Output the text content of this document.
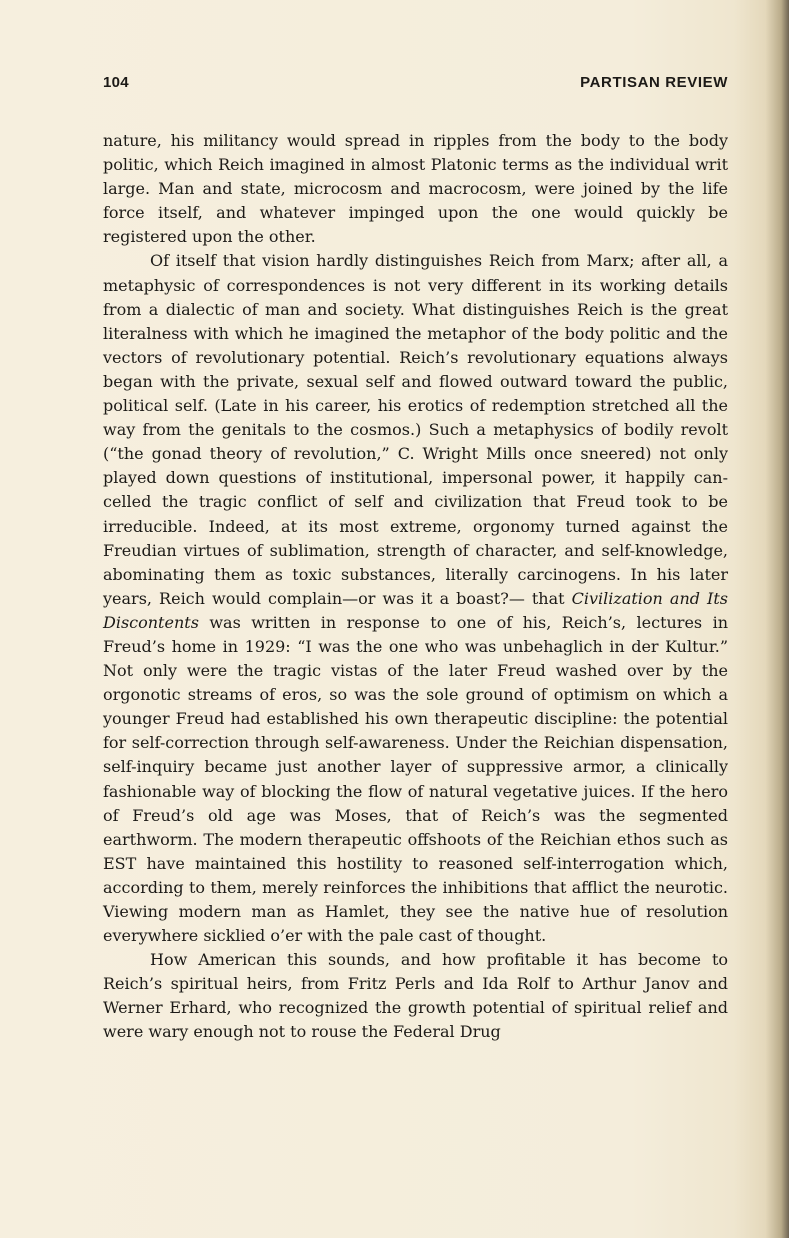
104	PARTISAN REVIEW

nature, his militancy would spread in ripples from the body to the body politic, which Reich imagined in almost Platonic terms as the individual writ large. Man and state, microcosm and macrocosm, were joined by the life force itself, and whatever impinged upon the one would quickly be registered upon the other.

Of itself that vision hardly distinguishes Reich from Marx; after all, a metaphysic of correspondences is not very different in its working details from a dialectic of man and society. What distinguishes Reich is the great literalness with which he imagined the metaphor of the body politic and the vectors of revolutionary potential. Reich’s revolutionary equations always began with the private, sexual self and flowed outward toward the public, political self. (Late in his career, his erotics of redemption stretched all the way from the genitals to the cosmos.) Such a metaphysics of bodily revolt (“the gonad theory of revolution,” C. Wright Mills once sneered) not only played down questions of institutional, impersonal power, it happily cancelled the tragic conflict of self and civilization that Freud took to be irreducible. Indeed, at its most extreme, orgonomy turned against the Freudian virtues of sublimation, strength of character, and self-knowledge, abominating them as toxic substances, literally carcinogens. In his later years, Reich would complain—or was it a boast?— that Civilization and Its Discontents was written in response to one of his, Reich’s, lectures in Freud’s home in 1929: “I was the one who was unbehaglich in der Kultur.” Not only were the tragic vistas of the later Freud washed over by the orgonotic streams of eros, so was the sole ground of optimism on which a younger Freud had established his own therapeutic discipline: the potential for self-correction through self-awareness. Under the Reichian dispensation, self-inquiry became just another layer of suppressive armor, a clinically fashionable way of blocking the flow of natural vegetative juices. If the hero of Freud’s old age was Moses, that of Reich’s was the segmented earthworm. The modern therapeutic offshoots of the Reichian ethos such as EST have maintained this hostility to reasoned self-interrogation which, according to them, merely reinforces the inhibitions that afflict the neurotic. Viewing modern man as Hamlet, they see the native hue of resolution everywhere sicklied o’er with the pale cast of thought.

How American this sounds, and how profitable it has become to Reich’s spiritual heirs, from Fritz Perls and Ida Rolf to Arthur Janov and Werner Erhard, who recognized the growth potential of spiritual relief and were wary enough not to rouse the Federal Drug
